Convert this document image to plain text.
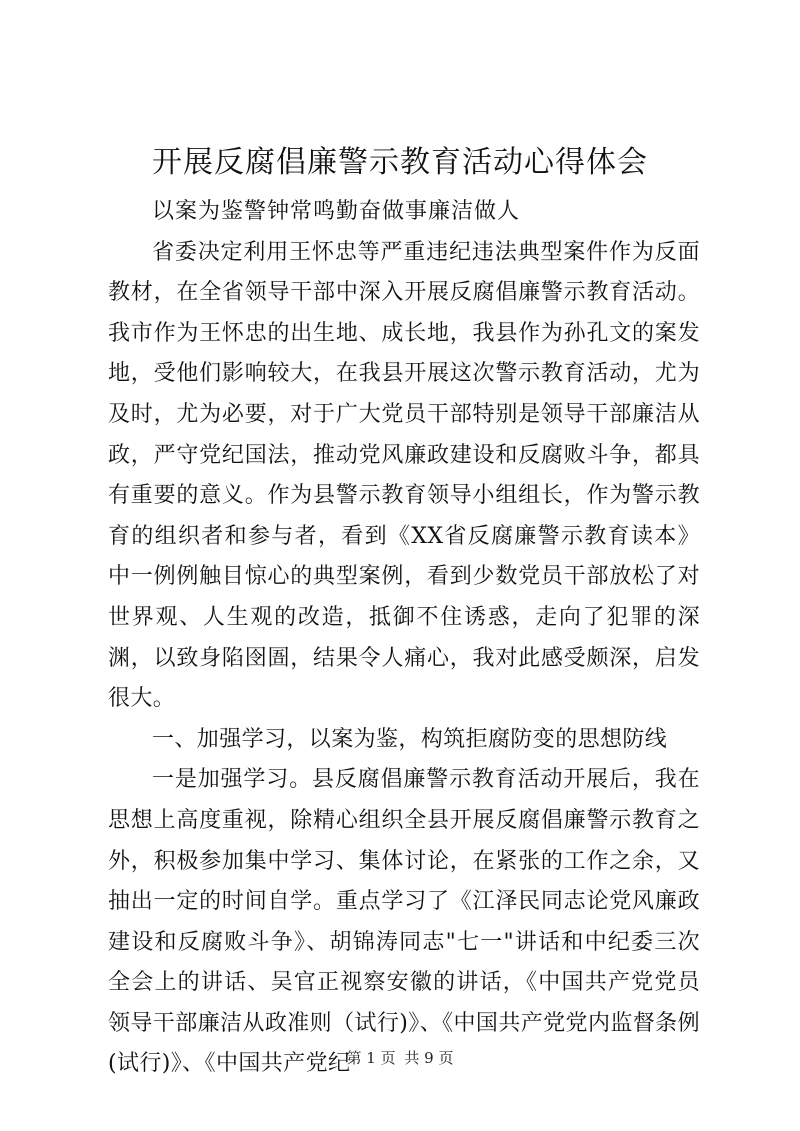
开展反腐倡廉警示教育活动心得体会

以案为鉴警钟常鸣勤奋做事廉洁做人

省委决定利用王怀忠等严重违纪违法典型案件作为反面教材，在全省领导干部中深入开展反腐倡廉警示教育活动。我市作为王怀忠的出生地、成长地，我县作为孙孔文的案发地，受他们影响较大，在我县开展这次警示教育活动，尤为及时，尤为必要，对于广大党员干部特别是领导干部廉洁从政，严守党纪国法，推动党风廉政建设和反腐败斗争，都具有重要的意义。作为县警示教育领导小组组长，作为警示教育的组织者和参与者，看到《XX省反腐廉警示教育读本》中一例例触目惊心的典型案例，看到少数党员干部放松了对世界观、人生观的改造，抵御不住诱惑，走向了犯罪的深渊，以致身陷囹圄，结果令人痛心，我对此感受颇深，启发很大。

一、加强学习，以案为鉴，构筑拒腐防变的思想防线

一是加强学习。县反腐倡廉警示教育活动开展后，我在思想上高度重视，除精心组织全县开展反腐倡廉警示教育之外，积极参加集中学习、集体讨论，在紧张的工作之余，又抽出一定的时间自学。重点学习了《江泽民同志论党风廉政建设和反腐败斗争》、胡锦涛同志"七一"讲话和中纪委三次全会上的讲话、吴官正视察安徽的讲话，《中国共产党党员领导干部廉洁从政准则（试行)》、《中国共产党党内监督条例(试行)》、《中国共产党纪

第 1 页 共 9 页
